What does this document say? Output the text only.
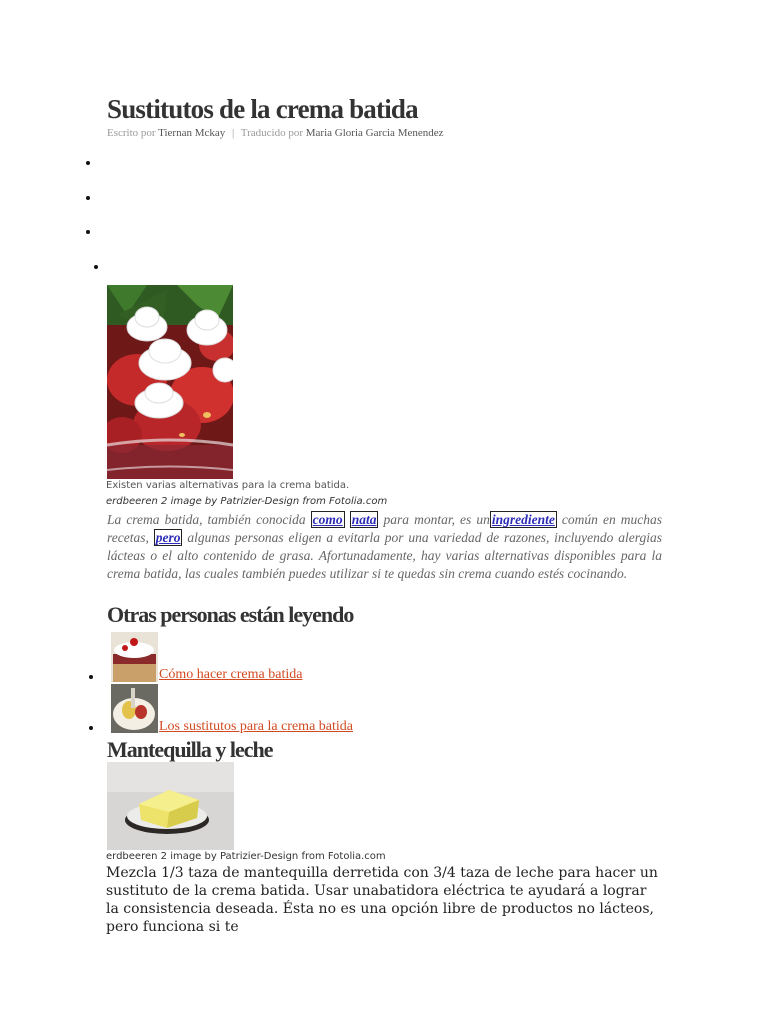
Sustitutos de la crema batida
Escrito por Tiernan Mckay | Traducido por Maria Gloria Garcia Menendez
Existen varias alternativas para la crema batida.
erdbeeren 2 image by Patrizier-Design from Fotolia.com

La crema batida, también conocida como nata para montar, es un ingrediente común en muchas recetas, pero algunas personas eligen a evitarla por una variedad de razones, incluyendo alergias lácteas o el alto contenido de grasa. Afortunadamente, hay varias alternativas disponibles para la crema batida, las cuales también puedes utilizar si te quedas sin crema cuando estés cocinando.

Otras personas están leyendo
Cómo hacer crema batida
Los sustitutos para la crema batida
Mantequilla y leche
erdbeeren 2 image by Patrizier-Design from Fotolia.com

Mezcla 1/3 taza de mantequilla derretida con 3/4 taza de leche para hacer un sustituto de la crema batida. Usar unabatidora eléctrica te ayudará a lograr la consistencia deseada. Ésta no es una opción libre de productos no lácteos, pero funciona si te
